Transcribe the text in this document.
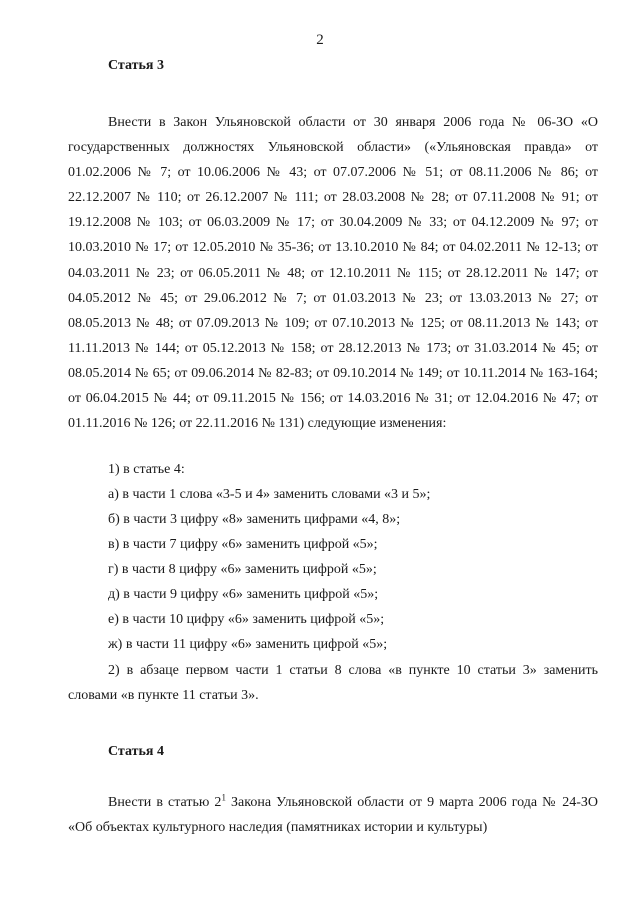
2
Статья 3

Внести в Закон Ульяновской области от 30 января 2006 года № 06-ЗО «О государственных должностях Ульяновской области» («Ульяновская правда» от 01.02.2006 № 7; от 10.06.2006 № 43; от 07.07.2006 № 51; от 08.11.2006 № 86; от 22.12.2007 № 110; от 26.12.2007 № 111; от 28.03.2008 № 28; от 07.11.2008 № 91; от 19.12.2008 № 103; от 06.03.2009 № 17; от 30.04.2009 № 33; от 04.12.2009 № 97; от 10.03.2010 № 17; от 12.05.2010 № 35-36; от 13.10.2010 № 84; от 04.02.2011 № 12-13; от 04.03.2011 № 23; от 06.05.2011 № 48; от 12.10.2011 № 115; от 28.12.2011 № 147; от 04.05.2012 № 45; от 29.06.2012 № 7; от 01.03.2013 № 23; от 13.03.2013 № 27; от 08.05.2013 № 48; от 07.09.2013 № 109; от 07.10.2013 № 125; от 08.11.2013 № 143; от 11.11.2013 № 144; от 05.12.2013 № 158; от 28.12.2013 № 173; от 31.03.2014 № 45; от 08.05.2014 № 65; от 09.06.2014 № 82-83; от 09.10.2014 № 149; от 10.11.2014 № 163-164; от 06.04.2015 № 44; от 09.11.2015 № 156; от 14.03.2016 № 31; от 12.04.2016 № 47; от 01.11.2016 № 126; от 22.11.2016 № 131) следующие изменения:

1) в статье 4:
а) в части 1 слова «3-5 и 4» заменить словами «3 и 5»;
б) в части 3 цифру «8» заменить цифрами «4, 8»;
в) в части 7 цифру «6» заменить цифрой «5»;
г) в части 8 цифру «6» заменить цифрой «5»;
д) в части 9 цифру «6» заменить цифрой «5»;
е) в части 10 цифру «6» заменить цифрой «5»;
ж) в части 11 цифру «6» заменить цифрой «5»;

2) в абзаце первом части 1 статьи 8 слова «в пункте 10 статьи 3» заменить словами «в пункте 11 статьи 3».

Статья 4

Внести в статью $2^1$ Закона Ульяновской области от 9 марта 2006 года № 24-ЗО «Об объектах культурного наследия (памятниках истории и культуры)
